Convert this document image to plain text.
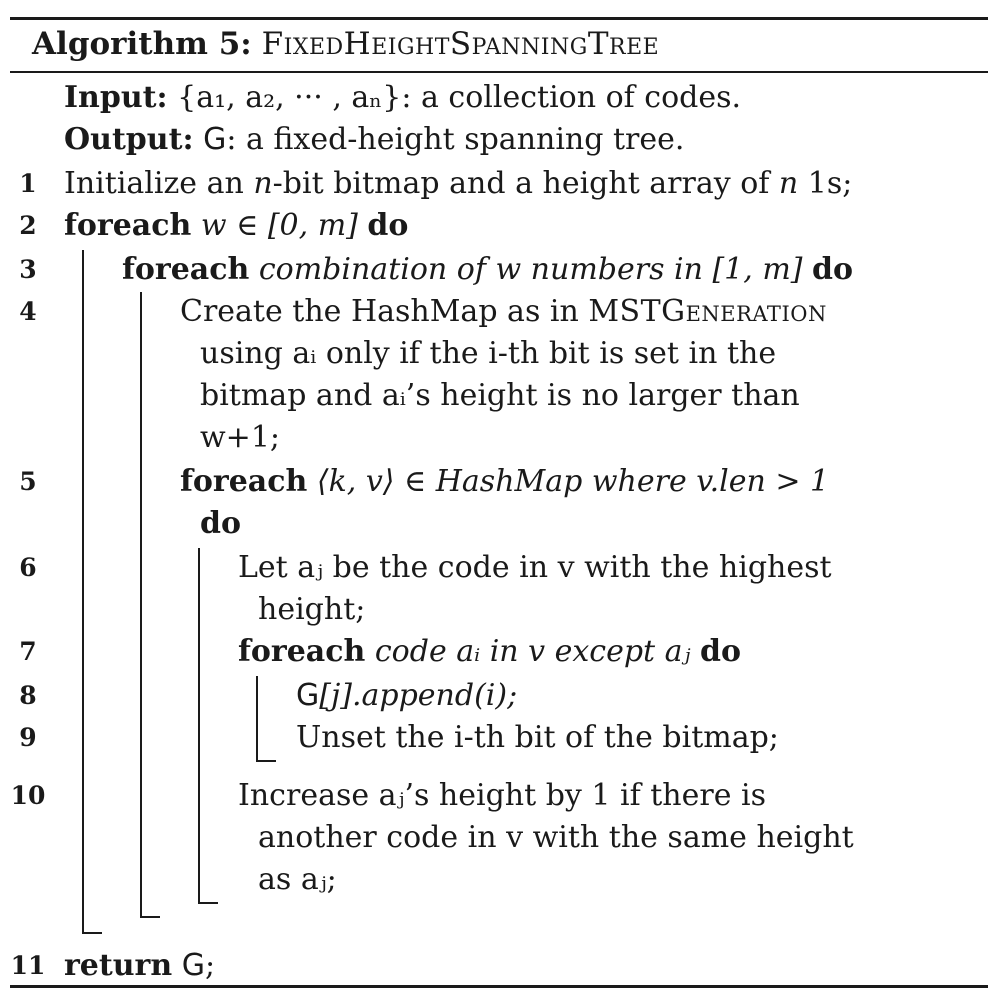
Algorithm 5: FixedHeightSpanningTree
Input: {a₁, a₂, ··· , aₙ}: a collection of codes.
Output: G: a fixed-height spanning tree.
1 Initialize an n-bit bitmap and a height array of n 1s;
2 foreach w ∈ [0, m] do
3	foreach combination of w numbers in [1, m] do
4	Create the HashMap as in MSTGeneration
using aᵢ only if the i-th bit is set in the
bitmap and aᵢ’s height is no larger than
w+1;
5	foreach ⟨k, v⟩ ∈ HashMap where v.len > 1
do
6	Let aⱼ be the code in v with the highest
height;
7	foreach code aᵢ in v except aⱼ do
8	G[j].append(i);
9	Unset the i-th bit of the bitmap;
10	Increase aⱼ’s height by 1 if there is
another code in v with the same height
as aⱼ;
11 return G;
